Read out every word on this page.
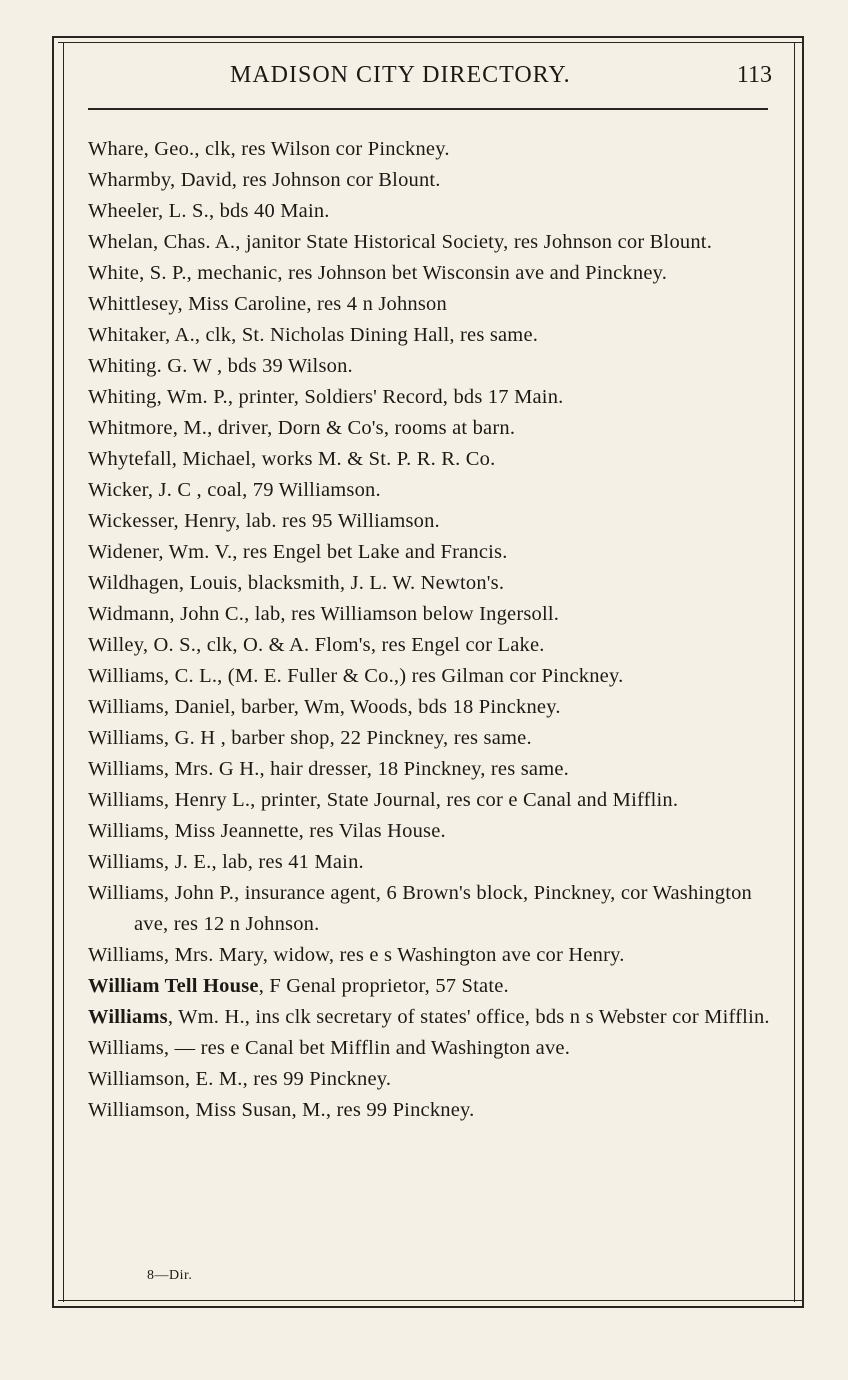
MADISON CITY DIRECTORY.	113
Whare, Geo., clk, res Wilson cor Pinckney.
Wharmby, David, res Johnson cor Blount.
Wheeler, L. S., bds 40 Main.
Whelan, Chas. A., janitor State Historical Society, res Johnson cor Blount.
White, S. P., mechanic, res Johnson bet Wisconsin ave and Pinckney.
Whittlesey, Miss Caroline, res 4 n Johnson
Whitaker, A., clk, St. Nicholas Dining Hall, res same.
Whiting. G. W , bds 39 Wilson.
Whiting, Wm. P., printer, Soldiers' Record, bds 17 Main.
Whitmore, M., driver, Dorn & Co's, rooms at barn.
Whytefall, Michael, works M. & St. P. R. R. Co.
Wicker, J. C , coal, 79 Williamson.
Wickesser, Henry, lab. res 95 Williamson.
Widener, Wm. V., res Engel bet Lake and Francis.
Wildhagen, Louis, blacksmith, J. L. W. Newton's.
Widmann, John C., lab, res Williamson below Ingersoll.
Willey, O. S., clk, O. & A. Flom's, res Engel cor Lake.
Williams, C. L., (M. E. Fuller & Co.,) res Gilman cor Pinckney.
Williams, Daniel, barber, Wm, Woods, bds 18 Pinckney.
Williams, G. H , barber shop, 22 Pinckney, res same.
Williams, Mrs. G H., hair dresser, 18 Pinckney, res same.
Williams, Henry L., printer, State Journal, res cor e Canal and Mifflin.
Williams, Miss Jeannette, res Vilas House.
Williams, J. E., lab, res 41 Main.
Williams, John P., insurance agent, 6 Brown's block, Pinckney, cor Washington ave, res 12 n Johnson.
Williams, Mrs. Mary, widow, res e s Washington ave cor Henry.
William Tell House, F Genal proprietor, 57 State.
Williams, Wm. H., ins clk secretary of states' office, bds n s Webster cor Mifflin.
Williams, — res e Canal bet Mifflin and Washington ave.
Williamson, E. M., res 99 Pinckney.
Williamson, Miss Susan, M., res 99 Pinckney.
8—Dir.
